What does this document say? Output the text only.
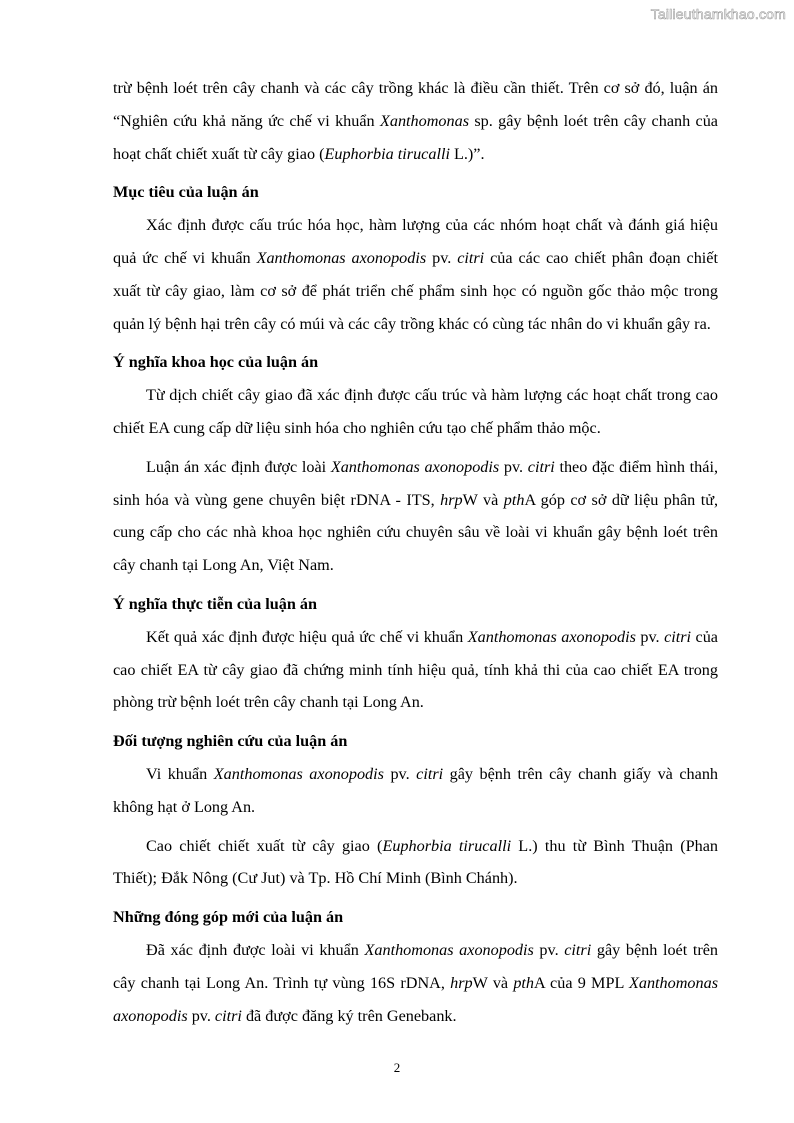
Tailieuthamkhao.com

trừ bệnh loét trên cây chanh và các cây trồng khác là điều cần thiết. Trên cơ sở đó, luận án “Nghiên cứu khả năng ức chế vi khuẩn Xanthomonas sp. gây bệnh loét trên cây chanh của hoạt chất chiết xuất từ cây giao (Euphorbia tirucalli L.)”.

Mục tiêu của luận án

Xác định được cấu trúc hóa học, hàm lượng của các nhóm hoạt chất và đánh giá hiệu quả ức chế vi khuẩn Xanthomonas axonopodis pv. citri của các cao chiết phân đoạn chiết xuất từ cây giao, làm cơ sở để phát triển chế phẩm sinh học có nguồn gốc thảo mộc trong quản lý bệnh hại trên cây có múi và các cây trồng khác có cùng tác nhân do vi khuẩn gây ra.

Ý nghĩa khoa học của luận án

Từ dịch chiết cây giao đã xác định được cấu trúc và hàm lượng các hoạt chất trong cao chiết EA cung cấp dữ liệu sinh hóa cho nghiên cứu tạo chế phẩm thảo mộc.

Luận án xác định được loài Xanthomonas axonopodis pv. citri theo đặc điểm hình thái, sinh hóa và vùng gene chuyên biệt rDNA - ITS, hrpW và pthA góp cơ sở dữ liệu phân tử, cung cấp cho các nhà khoa học nghiên cứu chuyên sâu về loài vi khuẩn gây bệnh loét trên cây chanh tại Long An, Việt Nam.

Ý nghĩa thực tiễn của luận án

Kết quả xác định được hiệu quả ức chế vi khuẩn Xanthomonas axonopodis pv. citri của cao chiết EA từ cây giao đã chứng minh tính hiệu quả, tính khả thi của cao chiết EA trong phòng trừ bệnh loét trên cây chanh tại Long An.

Đối tượng nghiên cứu của luận án

Vi khuẩn Xanthomonas axonopodis pv. citri gây bệnh trên cây chanh giấy và chanh không hạt ở Long An.

Cao chiết chiết xuất từ cây giao (Euphorbia tirucalli L.) thu từ Bình Thuận (Phan Thiết); Đắk Nông (Cư Jut) và Tp. Hồ Chí Minh (Bình Chánh).

Những đóng góp mới của luận án

Đã xác định được loài vi khuẩn Xanthomonas axonopodis pv. citri gây bệnh loét trên cây chanh tại Long An. Trình tự vùng 16S rDNA, hrpW và pthA của 9 MPL Xanthomonas axonopodis pv. citri đã được đăng ký trên Genebank.

2
